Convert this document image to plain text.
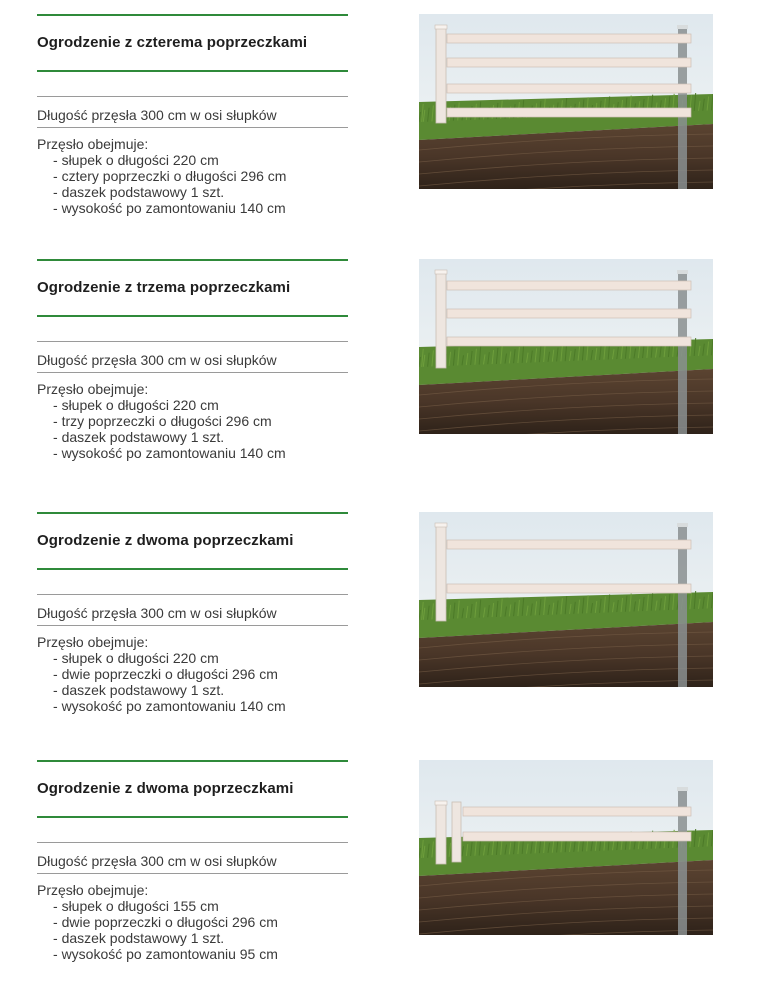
Ogrodzenie z czterema poprzeczkami
Długość przęsła 300 cm w osi słupków
Przęsło obejmuje:
- słupek o długości 220 cm
- cztery poprzeczki o długości 296 cm
- daszek podstawowy 1 szt.
- wysokość po zamontowaniu 140 cm
Ogrodzenie z trzema poprzeczkami
Długość przęsła 300 cm w osi słupków
Przęsło obejmuje:
- słupek o długości 220 cm
- trzy poprzeczki o długości 296 cm
- daszek podstawowy 1 szt.
- wysokość po zamontowaniu 140 cm
Ogrodzenie z dwoma poprzeczkami
Długość przęsła 300 cm w osi słupków
Przęsło obejmuje:
- słupek o długości 220 cm
- dwie poprzeczki o długości 296 cm
- daszek podstawowy 1 szt.
- wysokość po zamontowaniu 140 cm
Ogrodzenie z dwoma poprzeczkami
Długość przęsła 300 cm w osi słupków
Przęsło obejmuje:
- słupek o długości 155 cm
- dwie poprzeczki o długości 296 cm
- daszek podstawowy 1 szt.
- wysokość po zamontowaniu 95 cm
